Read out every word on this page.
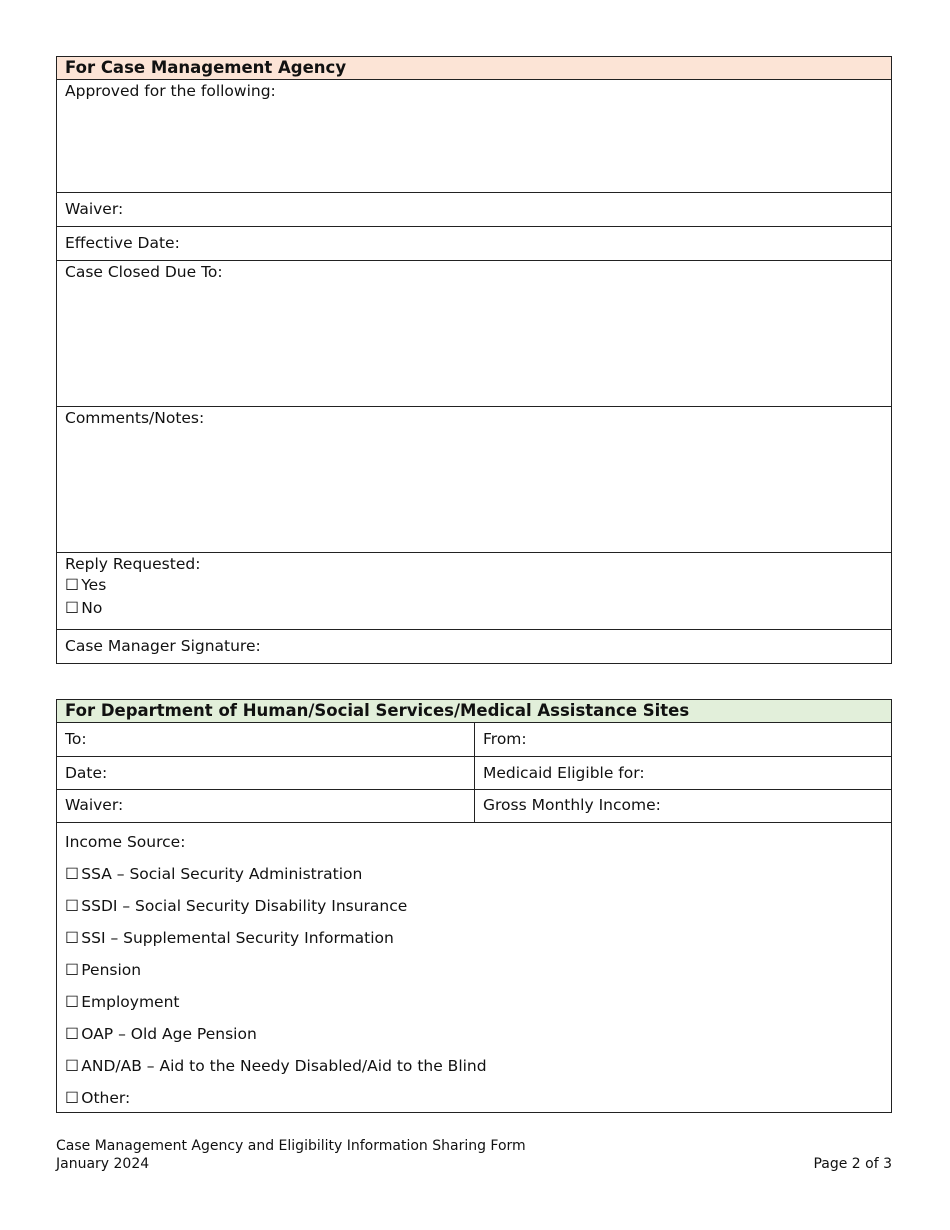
For Case Management Agency
Approved for the following:
Waiver:
Effective Date:
Case Closed Due To:
Comments/Notes:
Reply Requested:
☐ Yes
☐ No
Case Manager Signature:
For Department of Human/Social Services/Medical Assistance Sites
To:	From:
Date:	Medicaid Eligible for:
Waiver:	Gross Monthly Income:
Income Source:
☐ SSA – Social Security Administration
☐ SSDI – Social Security Disability Insurance
☐ SSI – Supplemental Security Information
☐ Pension
☐ Employment
☐ OAP – Old Age Pension
☐ AND/AB – Aid to the Needy Disabled/Aid to the Blind
☐ Other:
Case Management Agency and Eligibility Information Sharing Form
January 2024	Page 2 of 3
